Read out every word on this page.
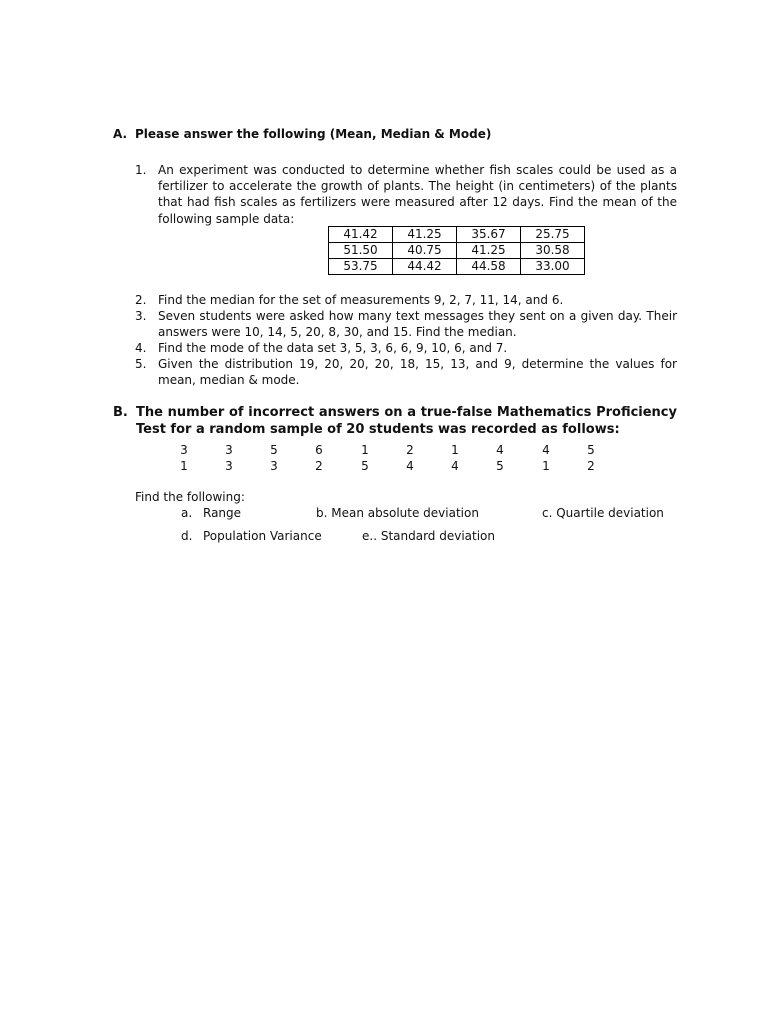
A. Please answer the following (Mean, Median & Mode)
1. An experiment was conducted to determine whether fish scales could be used as a fertilizer to accelerate the growth of plants. The height (in centimeters) of the plants that had fish scales as fertilizers were measured after 12 days. Find the mean of the following sample data:
41.42	41.25	35.67	25.75
51.50	40.75	41.25	30.58
53.75	44.42	44.58	33.00
2. Find the median for the set of measurements 9, 2, 7, 11, 14, and 6.
3. Seven students were asked how many text messages they sent on a given day. Their answers were 10, 14, 5, 20, 8, 30, and 15. Find the median.
4. Find the mode of the data set 3, 5, 3, 6, 6, 9, 10, 6, and 7.
5. Given the distribution 19, 20, 20, 20, 18, 15, 13, and 9, determine the values for mean, median & mode.
B. The number of incorrect answers on a true-false Mathematics Proficiency Test for a random sample of 20 students was recorded as follows:
3	3	5	6	1	2	1	4	4	5
1	3	3	2	5	4	4	5	1	2
Find the following:
a. Range	b. Mean absolute deviation	c. Quartile deviation
d. Population Variance	e.. Standard deviation
